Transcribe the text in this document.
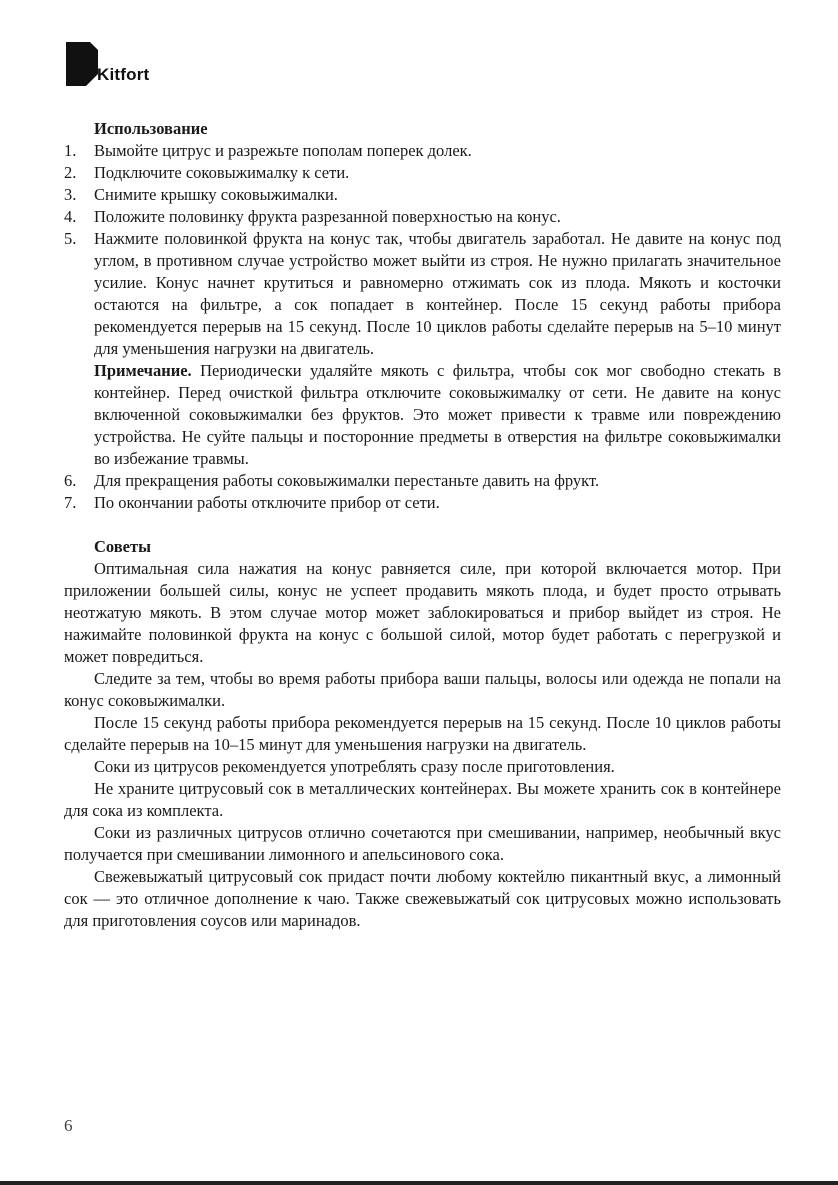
Kitfort
Использование
1. Вымойте цитрус и разрежьте пополам поперек долек.
2. Подключите соковыжималку к сети.
3. Снимите крышку соковыжималки.
4. Положите половинку фрукта разрезанной поверхностью на конус.
5. Нажмите половинкой фрукта на конус так, чтобы двигатель заработал. Не давите на конус под углом, в противном случае устройство может выйти из строя. Не нужно прилагать значительное усилие. Конус начнет крутиться и равномерно отжимать сок из плода. Мякоть и косточки остаются на фильтре, а сок попадает в контейнер. После 15 секунд работы прибора рекомендуется перерыв на 15 секунд. После 10 циклов работы сделайте перерыв на 5–10 минут для уменьшения нагрузки на двигатель.
Примечание. Периодически удаляйте мякоть с фильтра, чтобы сок мог свободно стекать в контейнер. Перед очисткой фильтра отключите соковыжималку от сети. Не давите на конус включенной соковыжималки без фруктов. Это может привести к травме или повреждению устройства. Не суйте пальцы и посторонние предметы в отверстия на фильтре соковыжималки во избежание травмы.
6. Для прекращения работы соковыжималки перестаньте давить на фрукт.
7. По окончании работы отключите прибор от сети.
Советы

Оптимальная сила нажатия на конус равняется силе, при которой включается мотор. При приложении большей силы, конус не успеет продавить мякоть плода, и будет просто отрывать неотжатую мякоть. В этом случае мотор может заблокироваться и прибор выйдет из строя. Не нажимайте половинкой фрукта на конус с большой силой, мотор будет работать с перегрузкой и может повредиться.

Следите за тем, чтобы во время работы прибора ваши пальцы, волосы или одежда не попали на конус соковыжималки.

После 15 секунд работы прибора рекомендуется перерыв на 15 секунд. После 10 циклов работы сделайте перерыв на 10–15 минут для уменьшения нагрузки на двигатель.

Соки из цитрусов рекомендуется употреблять сразу после приготовления.

Не храните цитрусовый сок в металлических контейнерах. Вы можете хранить сок в контейнере для сока из комплекта.

Соки из различных цитрусов отлично сочетаются при смешивании, например, необычный вкус получается при смешивании лимонного и апельсинового сока.

Свежевыжатый цитрусовый сок придаст почти любому коктейлю пикантный вкус, а лимонный сок — это отличное дополнение к чаю. Также свежевыжатый сок цитрусовых можно использовать для приготовления соусов или маринадов.

6
